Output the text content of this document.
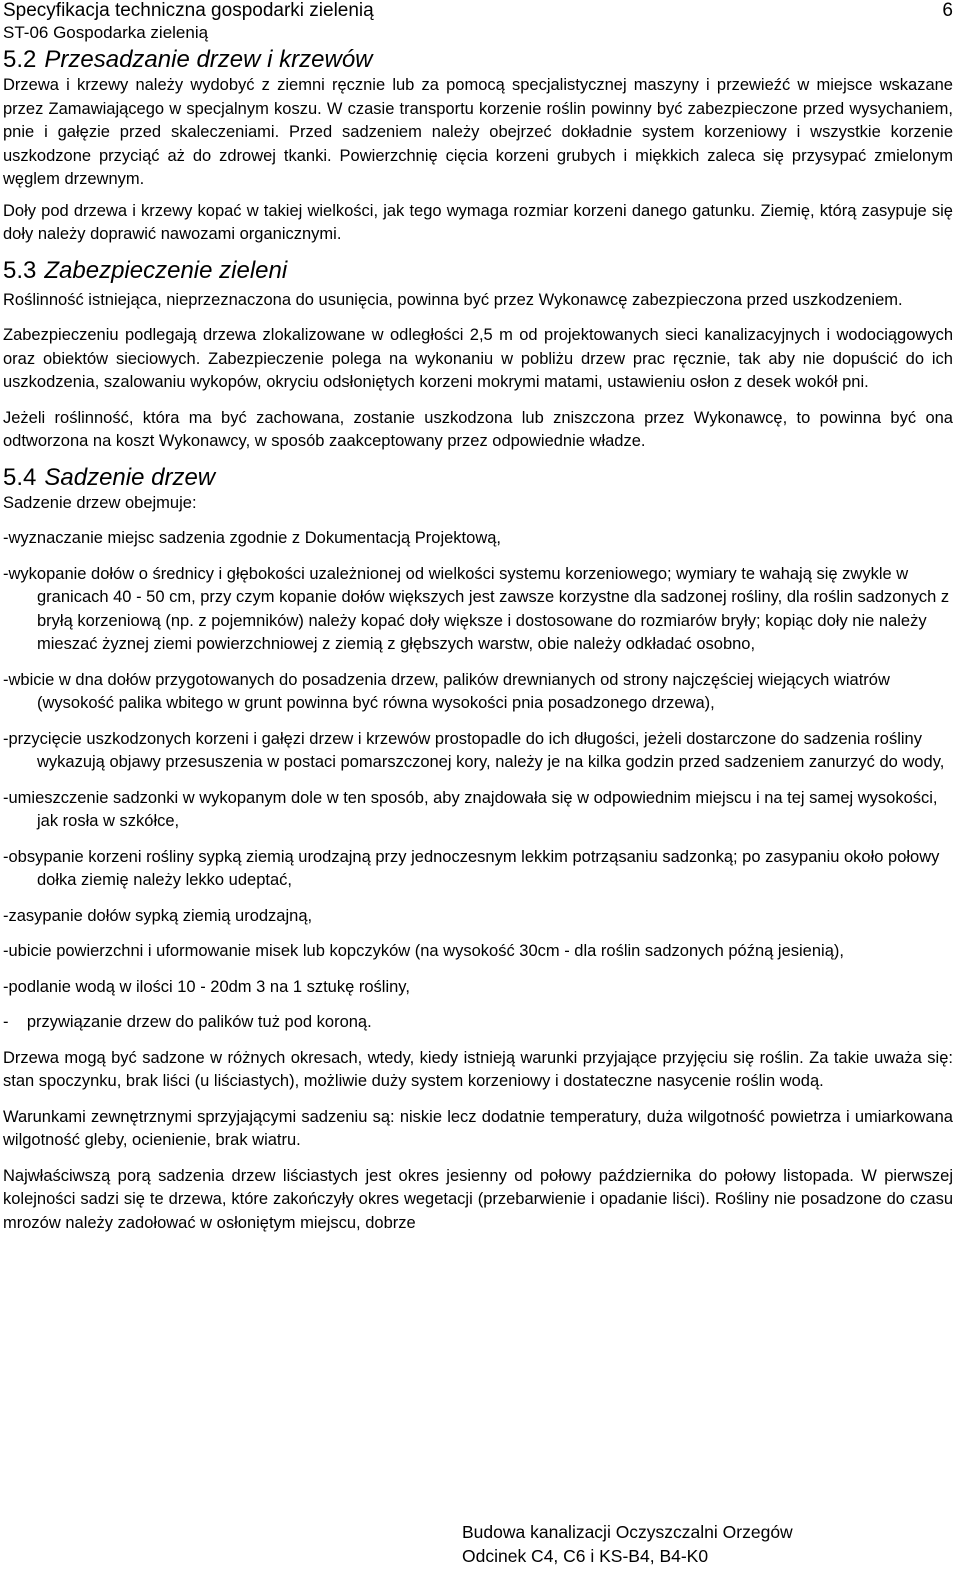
Specyfikacja techniczna gospodarki zielenią
ST-06 Gospodarka zielenią
6
5.2 Przesadzanie drzew i krzewów

Drzewa i krzewy należy wydobyć z ziemni ręcznie lub za pomocą specjalistycznej maszyny i przewieźć w miejsce wskazane przez Zamawiającego w specjalnym koszu. W czasie transportu korzenie roślin powinny być zabezpieczone przed wysychaniem, pnie i gałęzie przed skaleczeniami. Przed sadzeniem należy obejrzeć dokładnie system korzeniowy i wszystkie korzenie uszkodzone przyciąć aż do zdrowej tkanki. Powierzchnię cięcia korzeni grubych i miękkich zaleca się przysypać zmielonym węglem drzewnym.

Doły pod drzewa i krzewy kopać w takiej wielkości, jak tego wymaga rozmiar korzeni danego gatunku. Ziemię, którą zasypuje się doły należy doprawić nawozami organicznymi.

5.3 Zabezpieczenie zieleni

Roślinność istniejąca, nieprzeznaczona do usunięcia, powinna być przez Wykonawcę zabezpieczona przed uszkodzeniem.

Zabezpieczeniu podlegają drzewa zlokalizowane w odległości 2,5 m od projektowanych sieci kanalizacyjnych i wodociągowych oraz obiektów sieciowych. Zabezpieczenie polega na wykonaniu w pobliżu drzew prac ręcznie, tak aby nie dopuścić do ich uszkodzenia, szalowaniu wykopów, okryciu odsłoniętych korzeni mokrymi matami, ustawieniu osłon z desek wokół pni.

Jeżeli roślinność, która ma być zachowana, zostanie uszkodzona lub zniszczona przez Wykonawcę, to powinna być ona odtworzona na koszt Wykonawcy, w sposób zaakceptowany przez odpowiednie władze.

5.4 Sadzenie drzew

Sadzenie drzew obejmuje:

-wyznaczanie miejsc sadzenia zgodnie z Dokumentacją Projektową,

-wykopanie dołów o średnicy i głębokości uzależnionej od wielkości systemu korzeniowego; wymiary te wahają się zwykle w granicach 40 - 50 cm, przy czym kopanie dołów większych jest zawsze korzystne dla sadzonej rośliny, dla roślin sadzonych z bryłą korzeniową (np. z pojemników) należy kopać doły większe i dostosowane do rozmiarów bryły; kopiąc doły nie należy mieszać żyznej ziemi powierzchniowej z ziemią z głębszych warstw, obie należy odkładać osobno,

-wbicie w dna dołów przygotowanych do posadzenia drzew, palików drewnianych od strony najczęściej wiejących wiatrów (wysokość palika wbitego w grunt powinna być równa wysokości pnia posadzonego drzewa),

-przycięcie uszkodzonych korzeni i gałęzi drzew i krzewów prostopadle do ich długości, jeżeli dostarczone do sadzenia rośliny wykazują objawy przesuszenia w postaci pomarszczonej kory, należy je na kilka godzin przed sadzeniem zanurzyć do wody,

-umieszczenie sadzonki w wykopanym dole w ten sposób, aby znajdowała się w odpowiednim miejscu i na tej samej wysokości, jak rosła w szkółce,

-obsypanie korzeni rośliny sypką ziemią urodzajną przy jednoczesnym lekkim potrząsaniu sadzonką; po zasypaniu około połowy dołka ziemię należy lekko udeptać,

-zasypanie dołów sypką ziemią urodzajną,

-ubicie powierzchni i uformowanie misek lub kopczyków (na wysokość 30cm - dla roślin sadzonych późną jesienią),

-podlanie wodą w ilości 10 - 20dm 3 na 1 sztukę rośliny,

-    przywiązanie drzew do palików tuż pod koroną.

Drzewa mogą być sadzone w różnych okresach, wtedy, kiedy istnieją warunki przyjające przyjęciu się roślin. Za takie uważa się: stan spoczynku, brak liści (u liściastych), możliwie duży system korzeniowy i dostateczne nasycenie roślin wodą.

Warunkami zewnętrznymi sprzyjającymi sadzeniu są: niskie lecz dodatnie temperatury, duża wilgotność powietrza i umiarkowana wilgotność gleby, ocienienie, brak wiatru.

Najwłaściwszą porą sadzenia drzew liściastych jest okres jesienny od połowy października do połowy listopada. W pierwszej kolejności sadzi się te drzewa, które zakończyły okres wegetacji (przebarwienie i opadanie liści). Rośliny nie posadzone do czasu mrozów należy zadołować w osłoniętym miejscu, dobrze

Budowa kanalizacji Oczyszczalni Orzegów
Odcinek C4, C6 i KS-B4, B4-K0
